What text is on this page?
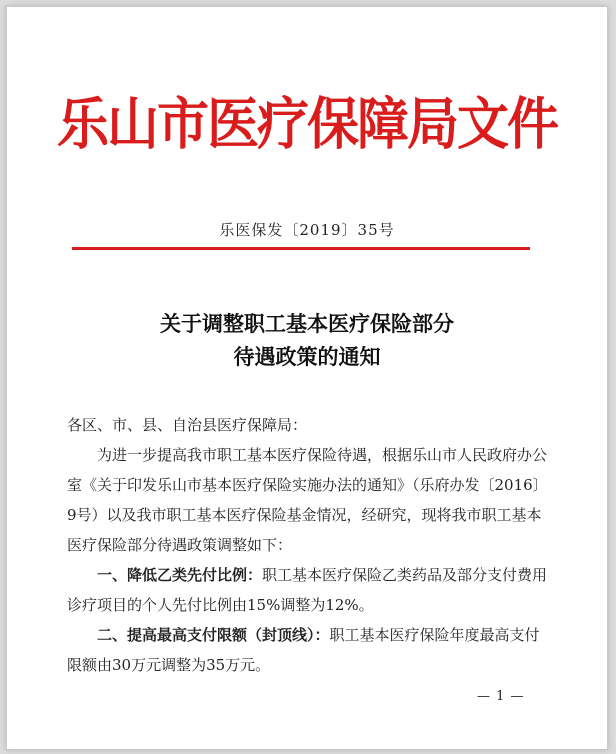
乐山市医疗保障局文件
乐医保发〔2019〕35号
关于调整职工基本医疗保险部分
待遇政策的通知

各区、市、县、自治县医疗保障局：

为进一步提高我市职工基本医疗保险待遇，根据乐山市人民政府办公室《关于印发乐山市基本医疗保险实施办法的通知》（乐府办发〔2016〕9号）以及我市职工基本医疗保险基金情况，经研究，现将我市职工基本医疗保险部分待遇政策调整如下：

一、降低乙类先付比例：职工基本医疗保险乙类药品及部分支付费用诊疗项目的个人先付比例由15%调整为12%。

二、提高最高支付限额（封顶线）：职工基本医疗保险年度最高支付限额由30万元调整为35万元。

— 1 —
